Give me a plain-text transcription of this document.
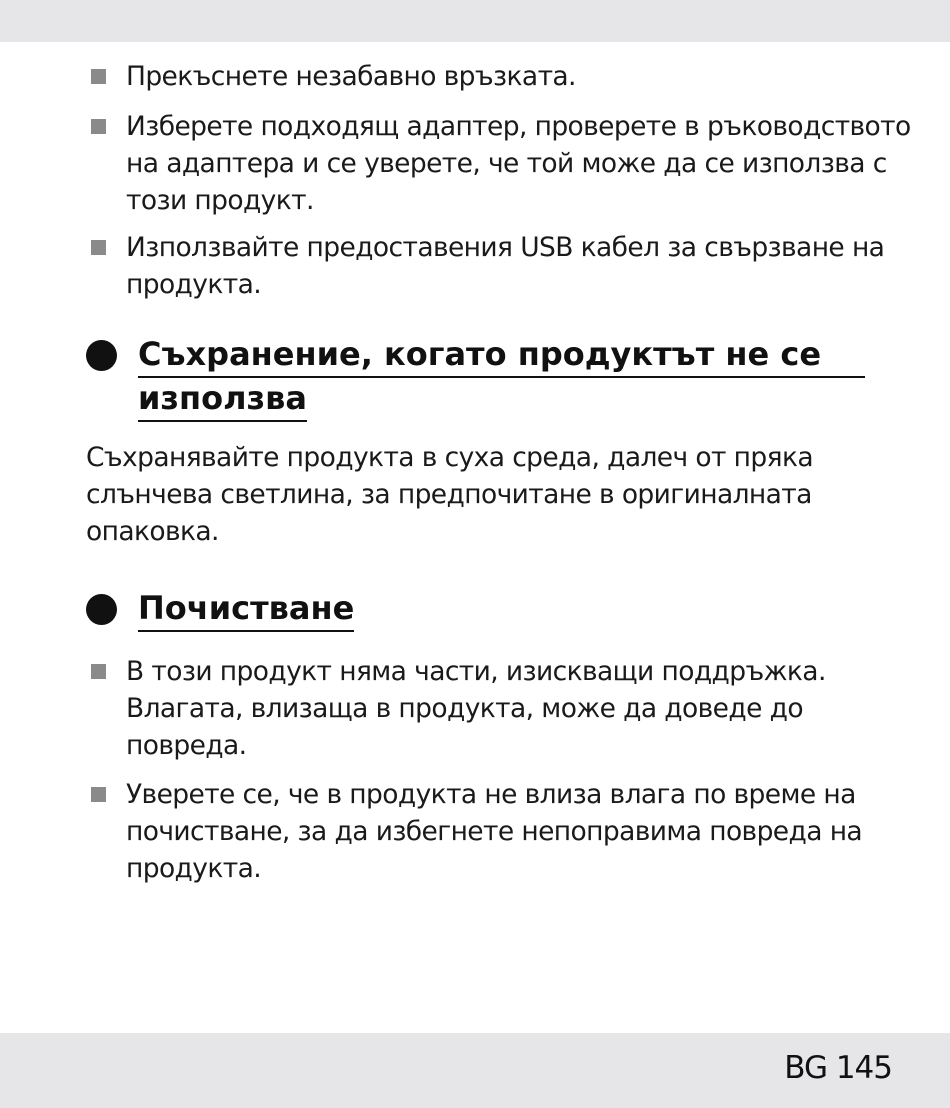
Прекъснете незабавно връзката.
Изберете подходящ адаптер, проверете в ръководството
на адаптера и се уверете, че той може да се използва с
този продукт.
Използвайте предоставения USB кабел за свързване на
продукта.
Съхранение, когато продуктът не се
използва
Съхранявайте продукта в суха среда, далеч от пряка
слънчева светлина, за предпочитане в оригиналната
опаковка.
Почистване
В този продукт няма части, изискващи поддръжка.
Влагата, влизаща в продукта, може да доведе до
повреда.
Уверете се, че в продукта не влиза влага по време на
почистване, за да избегнете непоправима повреда на
продукта.
BG 145
